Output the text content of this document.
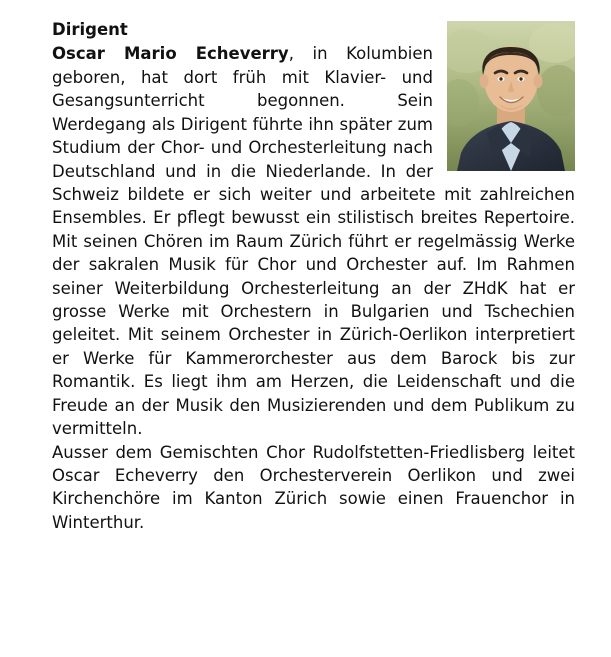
Dirigent

Oscar Mario Echeverry, in Kolumbien geboren, hat dort früh mit Klavier- und Gesangsunterricht begonnen. Sein Werdegang als Dirigent führte ihn später zum Studium der Chor- und Orchesterleitung nach Deutschland und in die Niederlande. In der Schweiz bildete er sich weiter und arbeitete mit zahlreichen Ensembles. Er pflegt bewusst ein stilistisch breites Repertoire. Mit seinen Chören im Raum Zürich führt er regelmässig Werke der sakralen Musik für Chor und Orchester auf. Im Rahmen seiner Weiterbildung Orchesterleitung an der ZHdK hat er grosse Werke mit Orchestern in Bulgarien und Tschechien geleitet. Mit seinem Orchester in Zürich-Oerlikon interpretiert er Werke für Kammerorchester aus dem Barock bis zur Romantik. Es liegt ihm am Herzen, die Leidenschaft und die Freude an der Musik den Musizierenden und dem Publikum zu vermitteln.

Ausser dem Gemischten Chor Rudolfstetten-Friedlisberg leitet Oscar Echeverry den Orchesterverein Oerlikon und zwei Kirchenchöre im Kanton Zürich sowie einen Frauenchor in Winterthur.
